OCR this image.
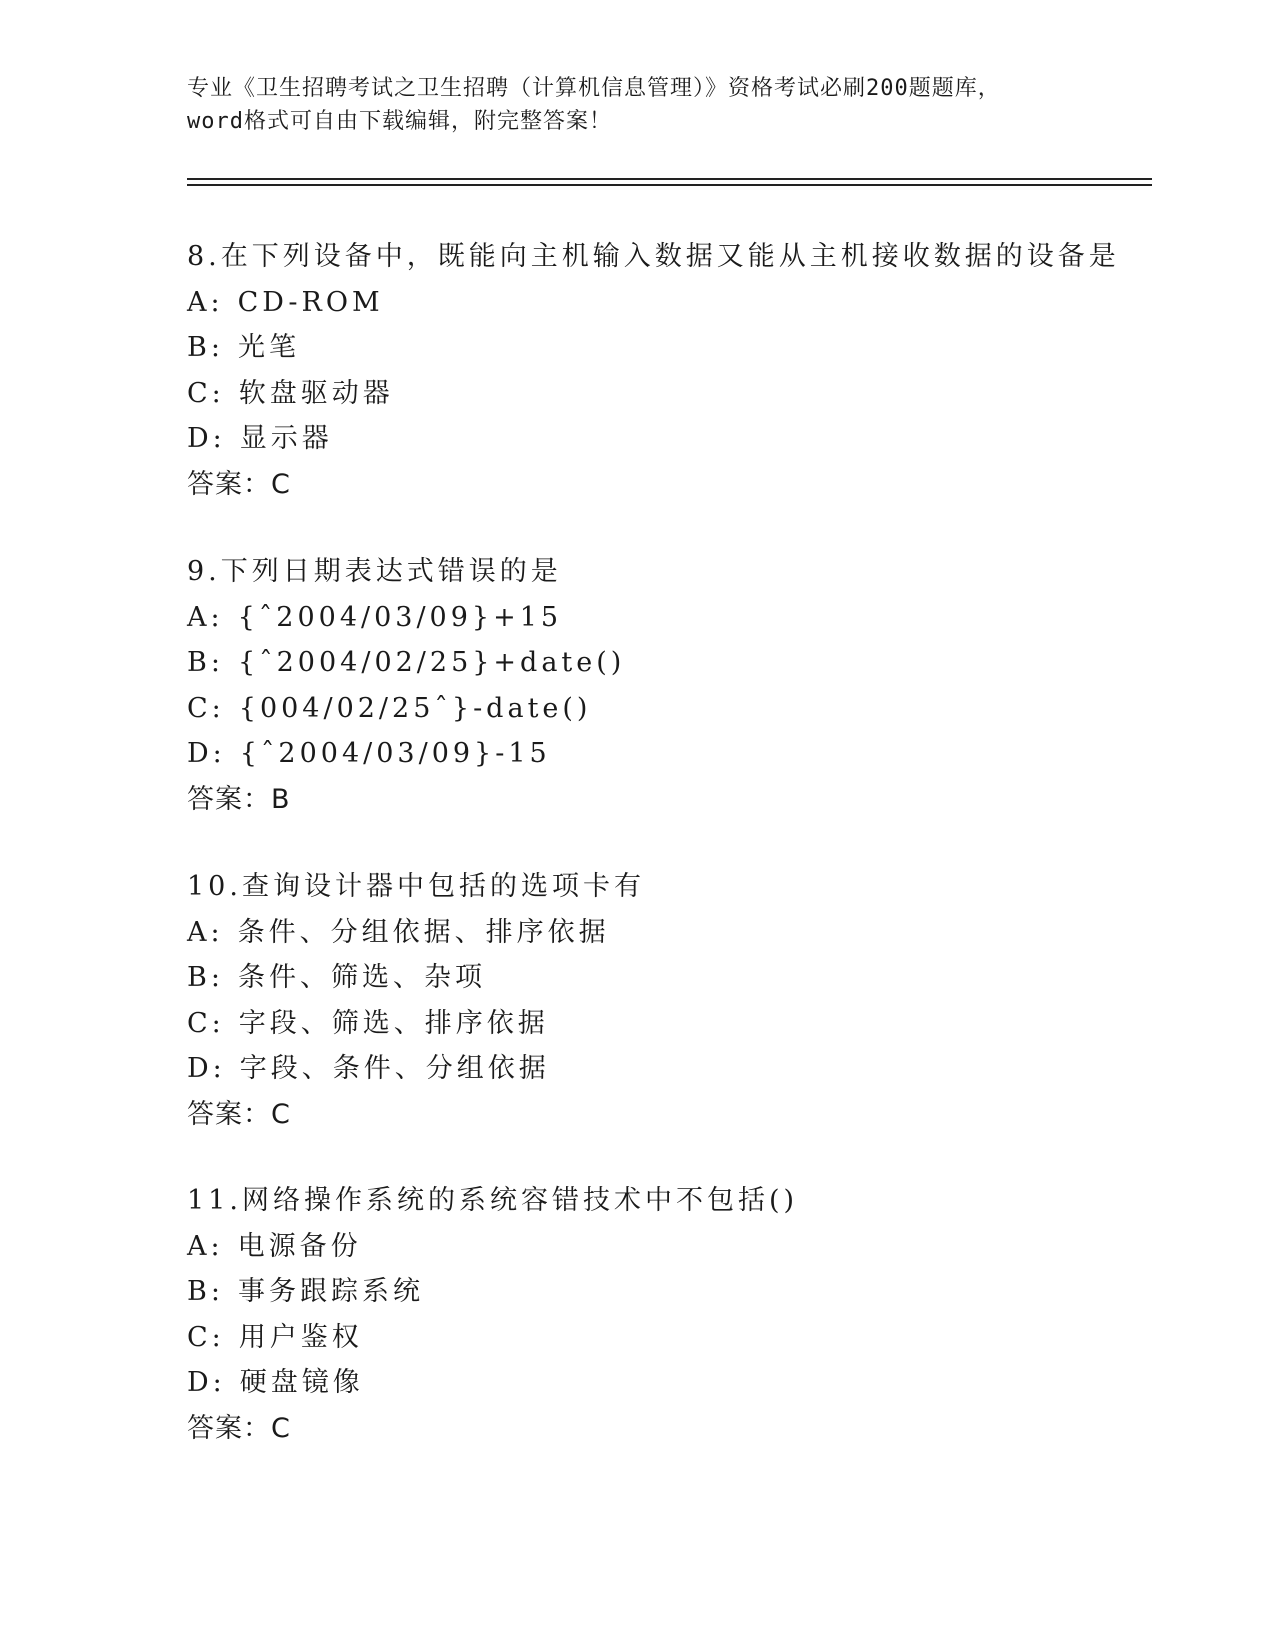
专业《卫生招聘考试之卫生招聘（计算机信息管理）》资格考试必刷200题题库，
word格式可自由下载编辑，附完整答案！
8.在下列设备中，既能向主机输入数据又能从主机接收数据的设备是
A: CD-ROM
B: 光笔
C: 软盘驱动器
D: 显示器
答案：C
9.下列日期表达式错误的是
A: {ˆ2004/03/09}+15
B: {ˆ2004/02/25}+date()
C: {004/02/25ˆ}-date()
D: {ˆ2004/03/09}-15
答案：B
10.查询设计器中包括的选项卡有
A: 条件、分组依据、排序依据
B: 条件、筛选、杂项
C: 字段、筛选、排序依据
D: 字段、条件、分组依据
答案：C
11.网络操作系统的系统容错技术中不包括()
A: 电源备份
B: 事务跟踪系统
C: 用户鉴权
D: 硬盘镜像
答案：C
